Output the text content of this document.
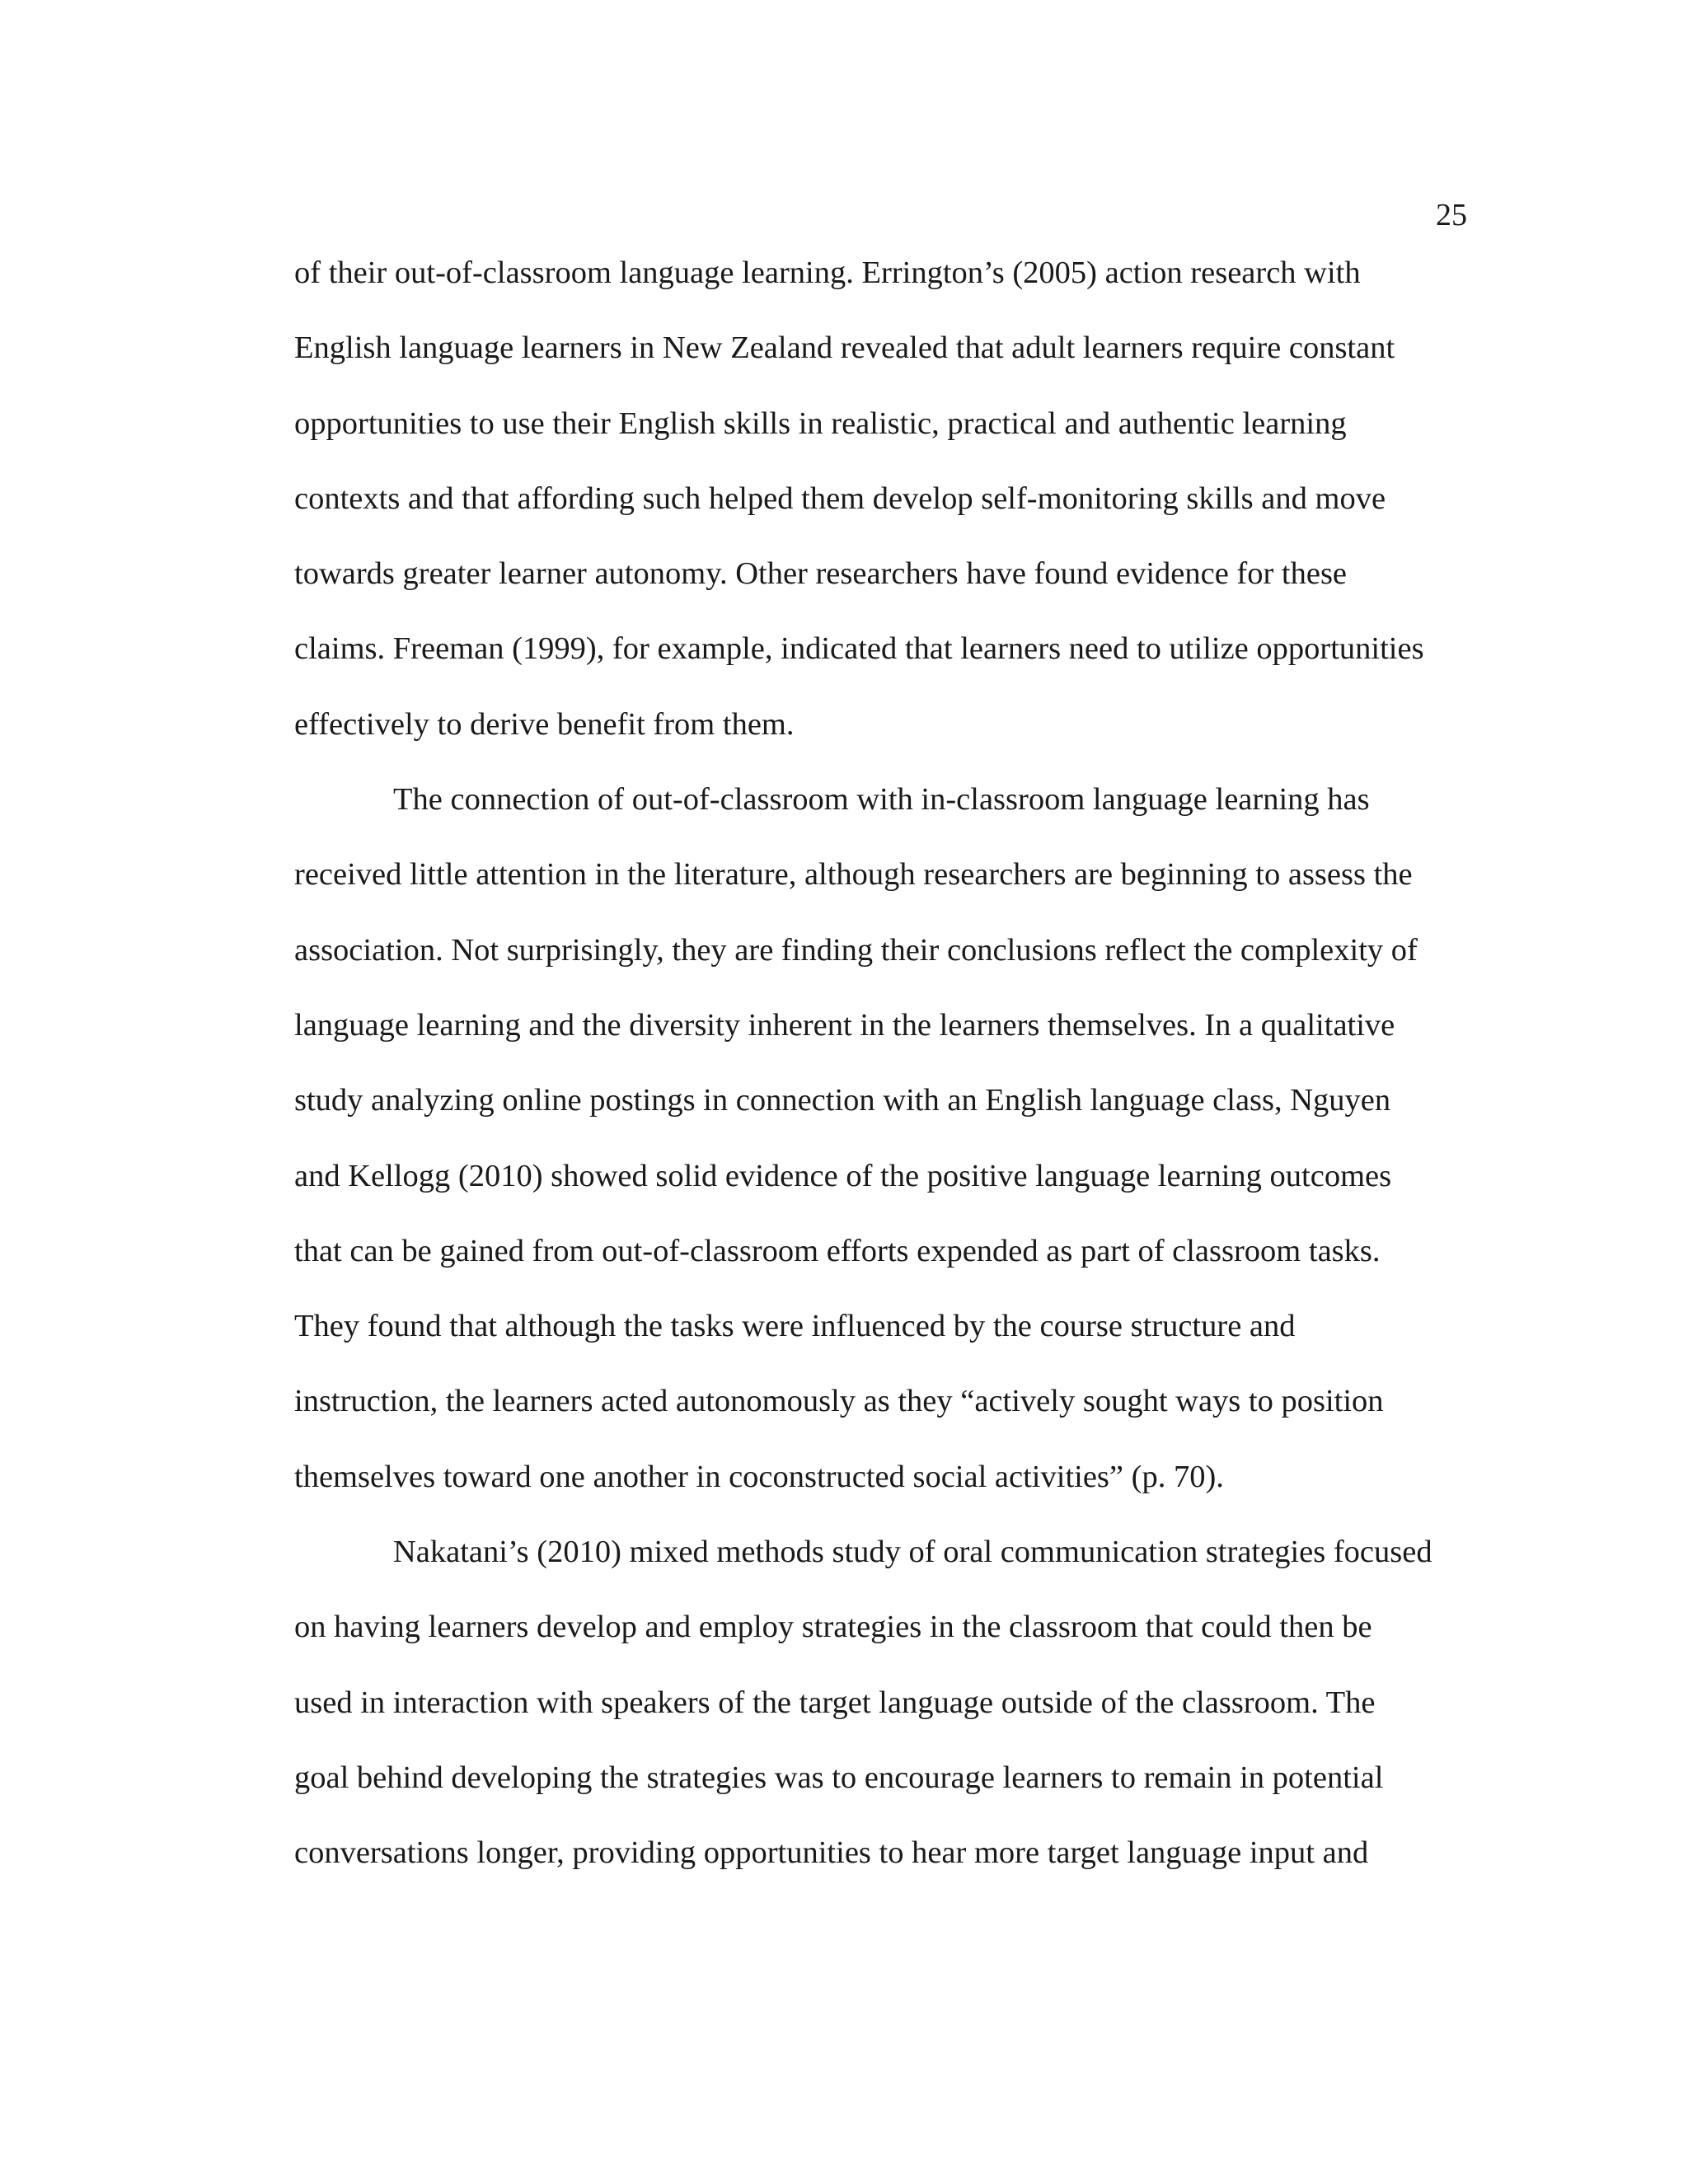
25
of their out-of-classroom language learning. Errington’s (2005) action research with
English language learners in New Zealand revealed that adult learners require constant
opportunities to use their English skills in realistic, practical and authentic learning
contexts and that affording such helped them develop self-monitoring skills and move
towards greater learner autonomy. Other researchers have found evidence for these
claims. Freeman (1999), for example, indicated that learners need to utilize opportunities
effectively to derive benefit from them.
The connection of out-of-classroom with in-classroom language learning has
received little attention in the literature, although researchers are beginning to assess the
association. Not surprisingly, they are finding their conclusions reflect the complexity of
language learning and the diversity inherent in the learners themselves. In a qualitative
study analyzing online postings in connection with an English language class, Nguyen
and Kellogg (2010) showed solid evidence of the positive language learning outcomes
that can be gained from out-of-classroom efforts expended as part of classroom tasks.
They found that although the tasks were influenced by the course structure and
instruction, the learners acted autonomously as they “actively sought ways to position
themselves toward one another in coconstructed social activities” (p. 70).
Nakatani’s (2010) mixed methods study of oral communication strategies focused
on having learners develop and employ strategies in the classroom that could then be
used in interaction with speakers of the target language outside of the classroom. The
goal behind developing the strategies was to encourage learners to remain in potential
conversations longer, providing opportunities to hear more target language input and
